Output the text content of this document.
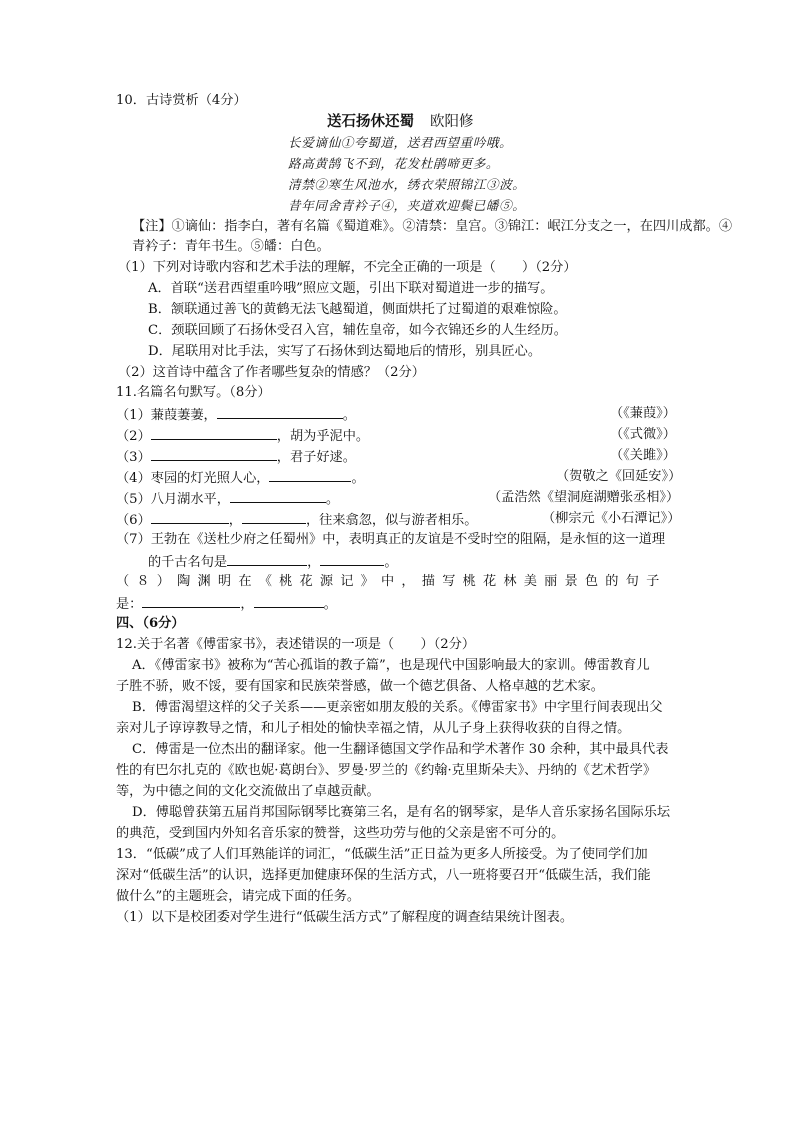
10．古诗赏析（4分）
送石扬休还蜀 欧阳修
长爱谪仙①夸蜀道，送君西望重吟哦。
路高黄鹄飞不到，花发杜鹃啼更多。
清禁②寒生风池水，绣衣荣照锦江③波。
昔年同舍青衿子④，夹道欢迎鬓已皤⑤。
【注】①谪仙：指李白，著有名篇《蜀道难》。②清禁：皇宫。③锦江：岷江分支之一，在四川成都。④
青衿子：青年书生。⑤皤：白色。
（1）下列对诗歌内容和艺术手法的理解，不完全正确的一项是（　　）（2分）
A．首联“送君西望重吟哦”照应文题，引出下联对蜀道进一步的描写。
B．颔联通过善飞的黄鹤无法飞越蜀道，侧面烘托了过蜀道的艰难惊险。
C．颈联回顾了石扬休受召入宫，辅佐皇帝，如今衣锦还乡的人生经历。
D．尾联用对比手法，实写了石扬休到达蜀地后的情形，别具匠心。
（2）这首诗中蕴含了作者哪些复杂的情感？（2分）
11.名篇名句默写。（8分）
（1）蒹葭萋萋，	。	（《蒹葭》）
（2）	，胡为乎泥中。	（《式微》）
（3）	，君子好逑。	（《关雎》）
（4）枣园的灯光照人心，	。	（贺敬之《回延安》）
（5）八月湖水平，	。	（孟浩然《望洞庭湖赠张丞相》）
（6）	，	，往来翕忽，似与游者相乐。	（柳宗元《小石潭记》）
（7）王勃在《送杜少府之任蜀州》中，表明真正的友谊是不受时空的阻隔，是永恒的这一道理
的千古名句是	，	。
（８）陶渊明在《桃花源记》中，描写桃花林美丽景色的句子
是：	，	。
四、（6分）
12.关于名著《傅雷家书》，表述错误的一项是（　　）（2分）
A．《傅雷家书》被称为“苦心孤诣的教子篇”，也是现代中国影响最大的家训。傅雷教育儿
子胜不骄，败不馁，要有国家和民族荣誉感，做一个德艺俱备、人格卓越的艺术家。
B．傅雷渴望这样的父子关系——更亲密如朋友般的关系。《傅雷家书》中字里行间表现出父
亲对儿子谆谆教导之情，和儿子相处的愉快幸福之情，从儿子身上获得收获的自得之情。
C．傅雷是一位杰出的翻译家。他一生翻译德国文学作品和学术著作 30 余种，其中最具代表
性的有巴尔扎克的《欧也妮·葛朗台》、罗曼·罗兰的《约翰·克里斯朵夫》、丹纳的《艺术哲学》
等，为中德之间的文化交流做出了卓越贡献。
D．傅聪曾获第五届肖邦国际钢琴比赛第三名，是有名的钢琴家，是华人音乐家扬名国际乐坛
的典范，受到国内外知名音乐家的赞誉，这些功劳与他的父亲是密不可分的。
13．“低碳”成了人们耳熟能详的词汇，“低碳生活”正日益为更多人所接受。为了使同学们加
深对“低碳生活”的认识，选择更加健康环保的生活方式，八一班将要召开“低碳生活，我们能
做什么”的主题班会，请完成下面的任务。
（1）以下是校团委对学生进行“低碳生活方式”了解程度的调查结果统计图表。
